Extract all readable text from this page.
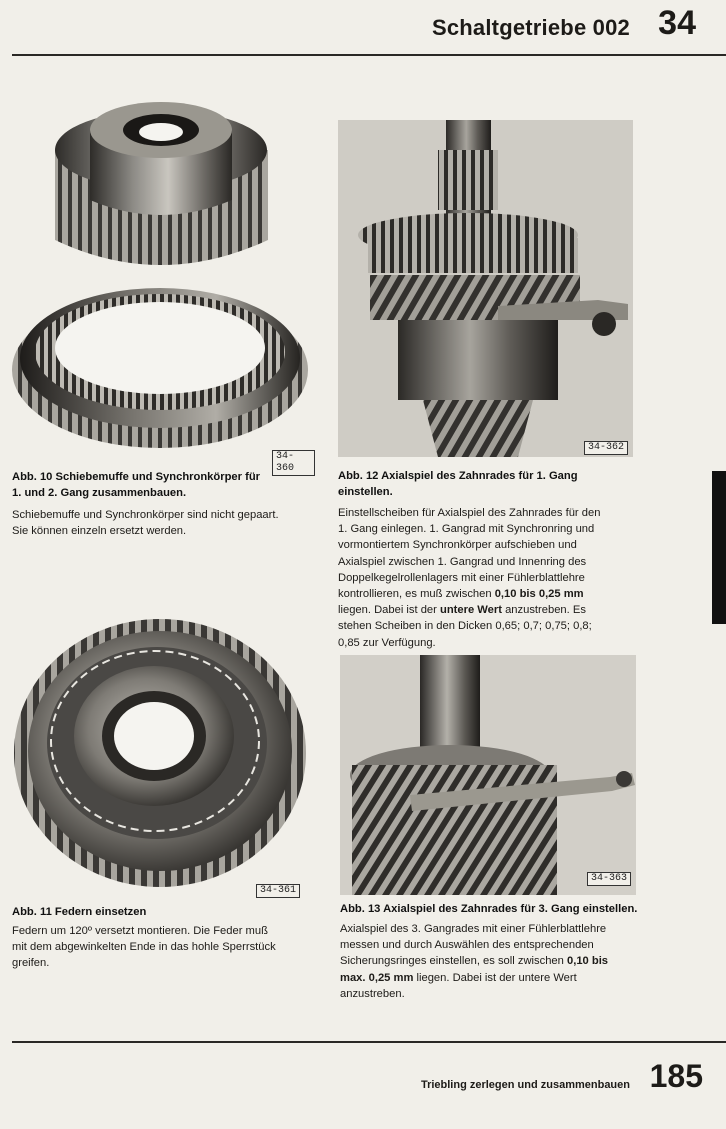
Schaltgetriebe 002 34
34-360
Abb. 10 Schiebemuffe und Synchronkörper für
1. und 2. Gang zusammenbauen.
Schiebemuffe und Synchronkörper sind nicht gepaart.
Sie können einzeln ersetzt werden.
34-362
Abb. 12 Axialspiel des Zahnrades für 1. Gang
einstellen.
Einstellscheiben für Axialspiel des Zahnrades für den
1. Gang einlegen. 1. Gangrad mit Synchronring und
vormontiertem Synchronkörper aufschieben und
Axialspiel zwischen 1. Gangrad und Innenring des
Doppelkegelrollenlagers mit einer Fühlerblattlehre
kontrollieren, es muß zwischen 0,10 bis 0,25 mm
liegen. Dabei ist der untere Wert anzustreben. Es
stehen Scheiben in den Dicken 0,65; 0,7; 0,75; 0,8;
0,85 zur Verfügung.
34-361
Abb. 11 Federn einsetzen
Federn um 120º versetzt montieren. Die Feder muß
mit dem abgewinkelten Ende in das hohle Sperrstück
greifen.
34-363
Abb. 13 Axialspiel des Zahnrades für 3. Gang einstellen.
Axialspiel des 3. Gangrades mit einer Fühlerblattlehre
messen und durch Auswählen des entsprechenden
Sicherungsringes einstellen, es soll zwischen 0,10 bis
max. 0,25 mm liegen. Dabei ist der untere Wert
anzustreben.
Triebling zerlegen und zusammenbauen 185
